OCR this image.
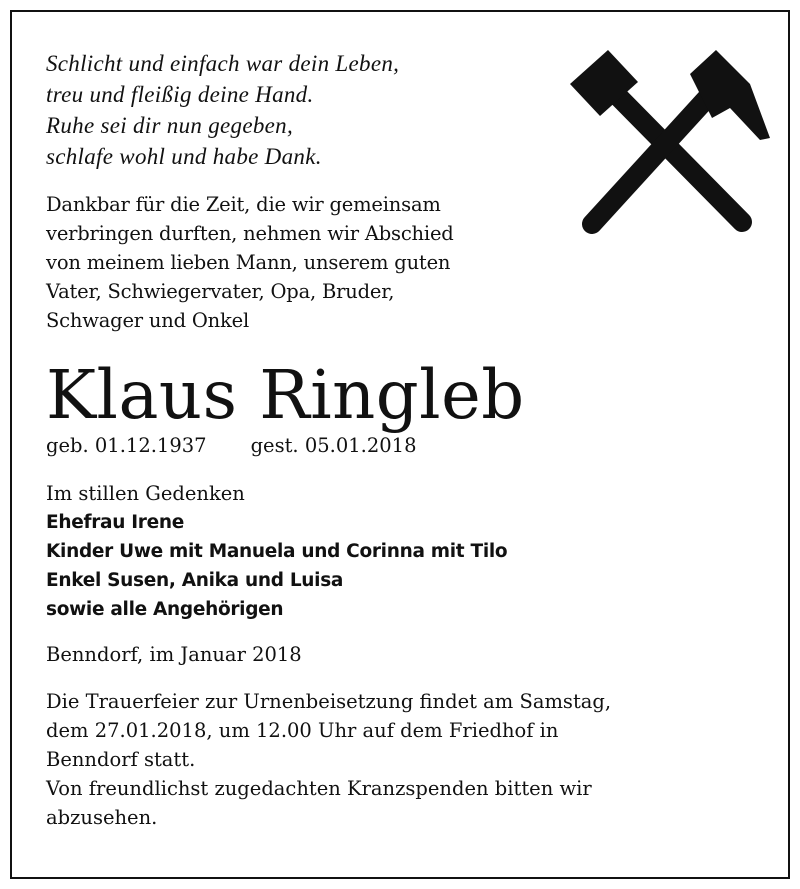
Schlicht und einfach war dein Leben,
treu und fleißig deine Hand.
Ruhe sei dir nun gegeben,
schlafe wohl und habe Dank.
Dankbar für die Zeit, die wir gemeinsam
verbringen durften, nehmen wir Abschied
von meinem lieben Mann, unserem guten
Vater, Schwiegervater, Opa, Bruder,
Schwager und Onkel
Klaus Ringleb
geb. 01.12.1937 gest. 05.01.2018
Im stillen Gedenken
Ehefrau Irene
Kinder Uwe mit Manuela und Corinna mit Tilo
Enkel Susen, Anika und Luisa
sowie alle Angehörigen
Benndorf, im Januar 2018
Die Trauerfeier zur Urnenbeisetzung findet am Samstag,
dem 27.01.2018, um 12.00 Uhr auf dem Friedhof in
Benndorf statt.
Von freundlichst zugedachten Kranzspenden bitten wir
abzusehen.
